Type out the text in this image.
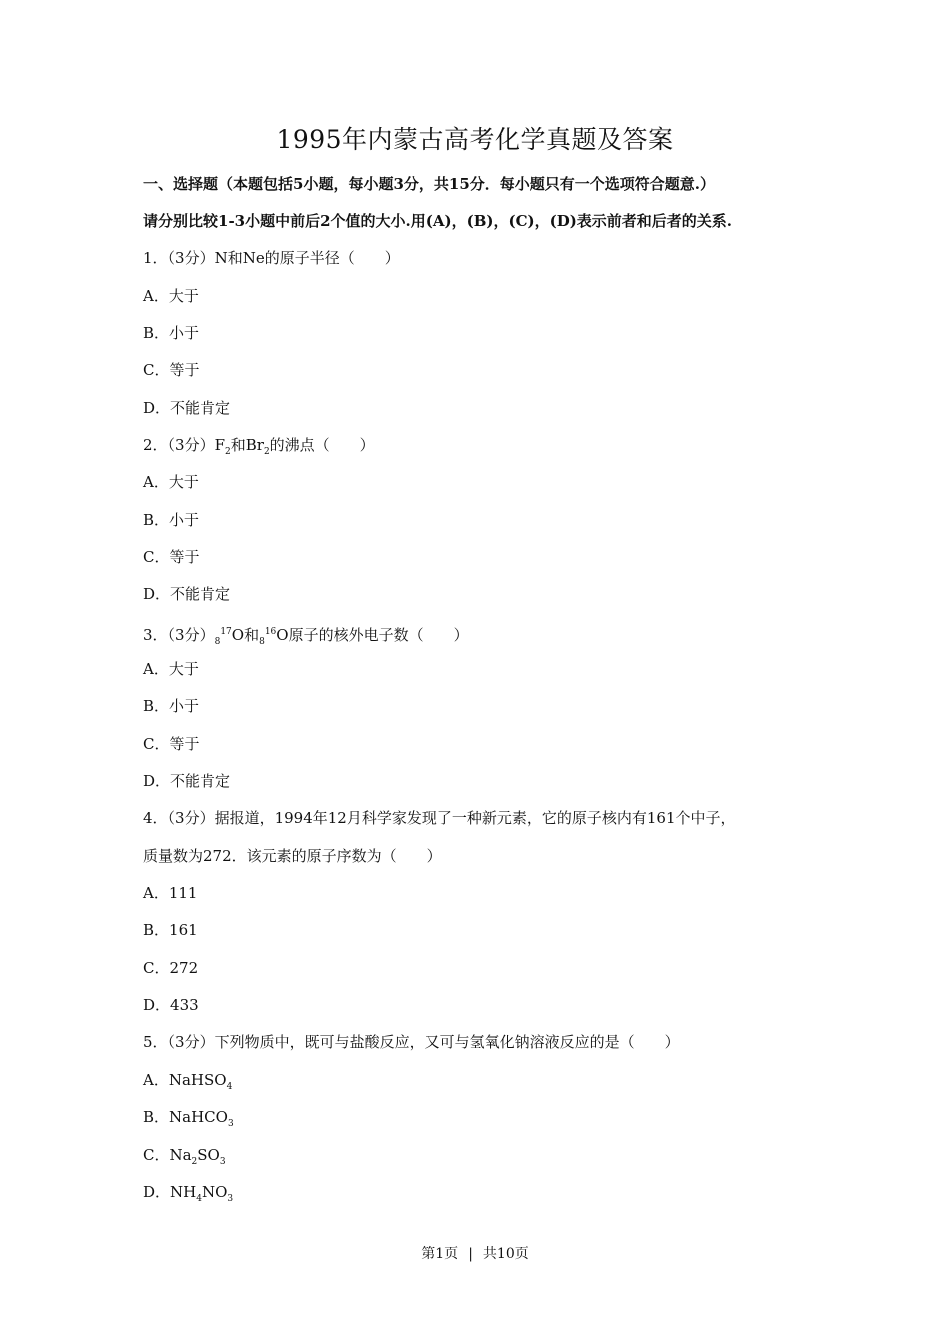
1995年内蒙古高考化学真题及答案
一、选择题（本题包括5小题，每小题3分，共15分．每小题只有一个选项符合题意.）
请分别比较1-3小题中前后2个值的大小.用(A)，(B)，(C)，(D)表示前者和后者的关系.
1．（3分）N和Ne的原子半径（　　）
A．大于
B．小于
C．等于
D．不能肯定
2．（3分）$F_2$和$Br_2$的沸点（　　）
A．大于
B．小于
C．等于
D．不能肯定
3．（3分）$_8^{17}O$和$_8^{16}$O原子的核外电子数（　　）
A．大于
B．小于
C．等于
D．不能肯定
4．（3分）据报道，1994年12月科学家发现了一种新元素，它的原子核内有161个中子，
质量数为272．该元素的原子序数为（　　）
A．111
B．161
C．272
D．433
5．（3分）下列物质中，既可与盐酸反应，又可与氢氧化钠溶液反应的是（　　）
A．NaHSO$_4$
B．NaHCO$_3$
C．$Na_2SO_3$
D．$NH_4NO_3$
第1页 | 共10页
